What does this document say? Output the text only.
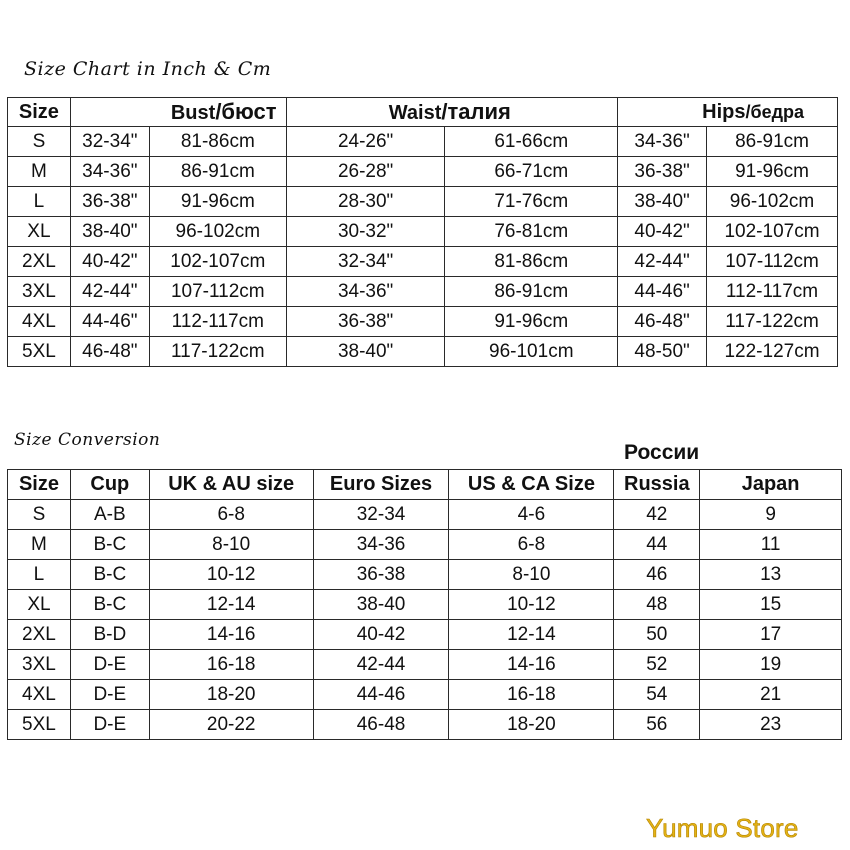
Size Chart in Inch & Cm
Size	Bust/бюст		Waist/талия		Hips/бедра	
S	32-34"	81-86cm	24-26"	61-66cm	34-36"	86-91cm
M	34-36"	86-91cm	26-28"	66-71cm	36-38"	91-96cm
L	36-38"	91-96cm	28-30"	71-76cm	38-40"	96-102cm
XL	38-40"	96-102cm	30-32"	76-81cm	40-42"	102-107cm
2XL	40-42"	102-107cm	32-34"	81-86cm	42-44"	107-112cm
3XL	42-44"	107-112cm	34-36"	86-91cm	44-46"	112-117cm
4XL	44-46"	112-117cm	36-38"	91-96cm	46-48"	117-122cm
5XL	46-48"	117-122cm	38-40"	96-101cm	48-50"	122-127cm
России
Size Conversion
Size	Cup	UK & AU size	Euro Sizes	US & CA Size	Russia	Japan
S	A-B	6-8	32-34	4-6	42	9
M	B-C	8-10	34-36	6-8	44	11
L	B-C	10-12	36-38	8-10	46	13
XL	B-C	12-14	38-40	10-12	48	15
2XL	B-D	14-16	40-42	12-14	50	17
3XL	D-E	16-18	42-44	14-16	52	19
4XL	D-E	18-20	44-46	16-18	54	21
5XL	D-E	20-22	46-48	18-20	56	23
Yumuo Store
